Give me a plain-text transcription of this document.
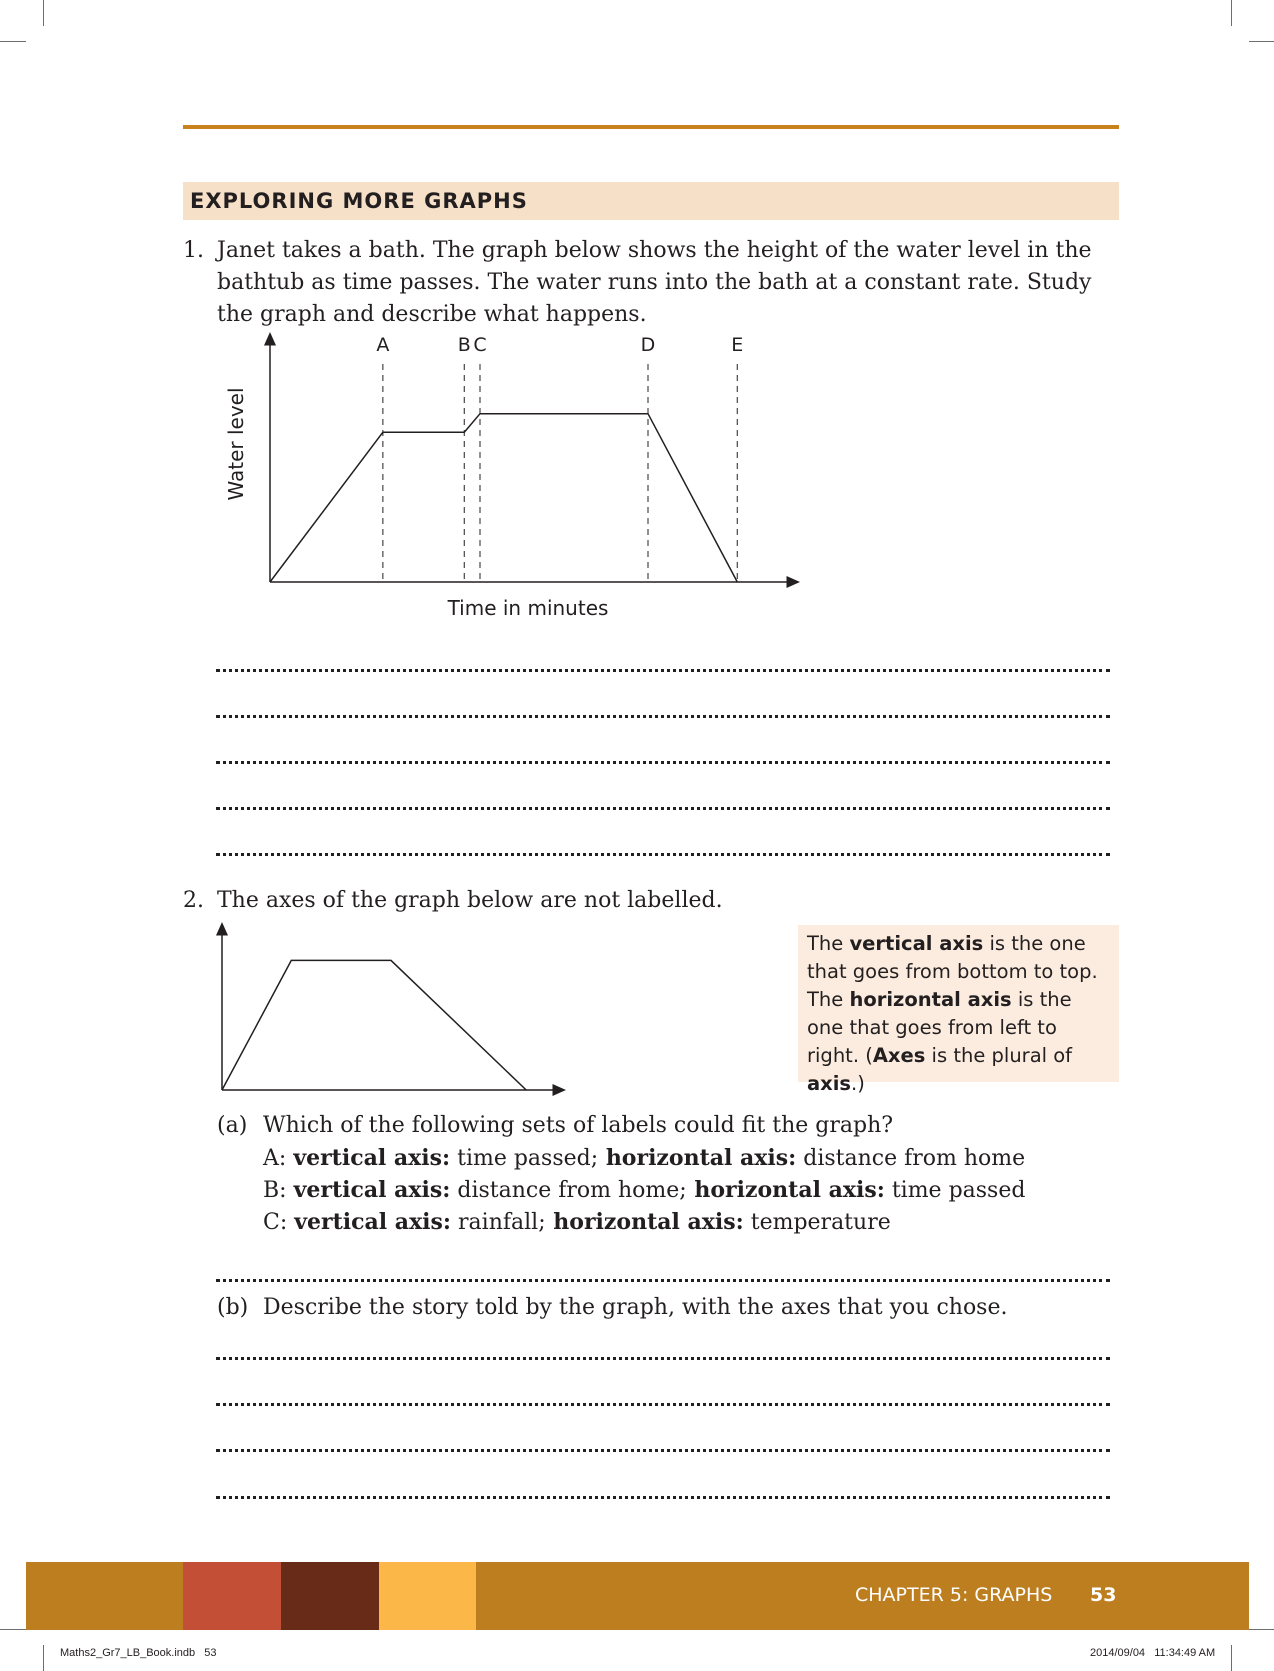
EXPLORING MORE GRAPHS
1. Janet takes a bath. The graph below shows the height of the water level in the bathtub as time passes. The water runs into the bath at a constant rate. Study the graph and describe what happens.
Water level
A	B C	D	E
Time in minutes
2. The axes of the graph below are not labelled.
The vertical axis is the one that goes from bottom to top. The horizontal axis is the one that goes from left to right. (Axes is the plural of axis.)
(a) Which of the following sets of labels could fit the graph?
A: vertical axis: time passed; horizontal axis: distance from home
B: vertical axis: distance from home; horizontal axis: time passed
C: vertical axis: rainfall; horizontal axis: temperature
(b) Describe the story told by the graph, with the axes that you chose.
CHAPTER 5: GRAPHS 53
Maths2_Gr7_LB_Book.indb   53	2014/09/04   11:34:49 AM
